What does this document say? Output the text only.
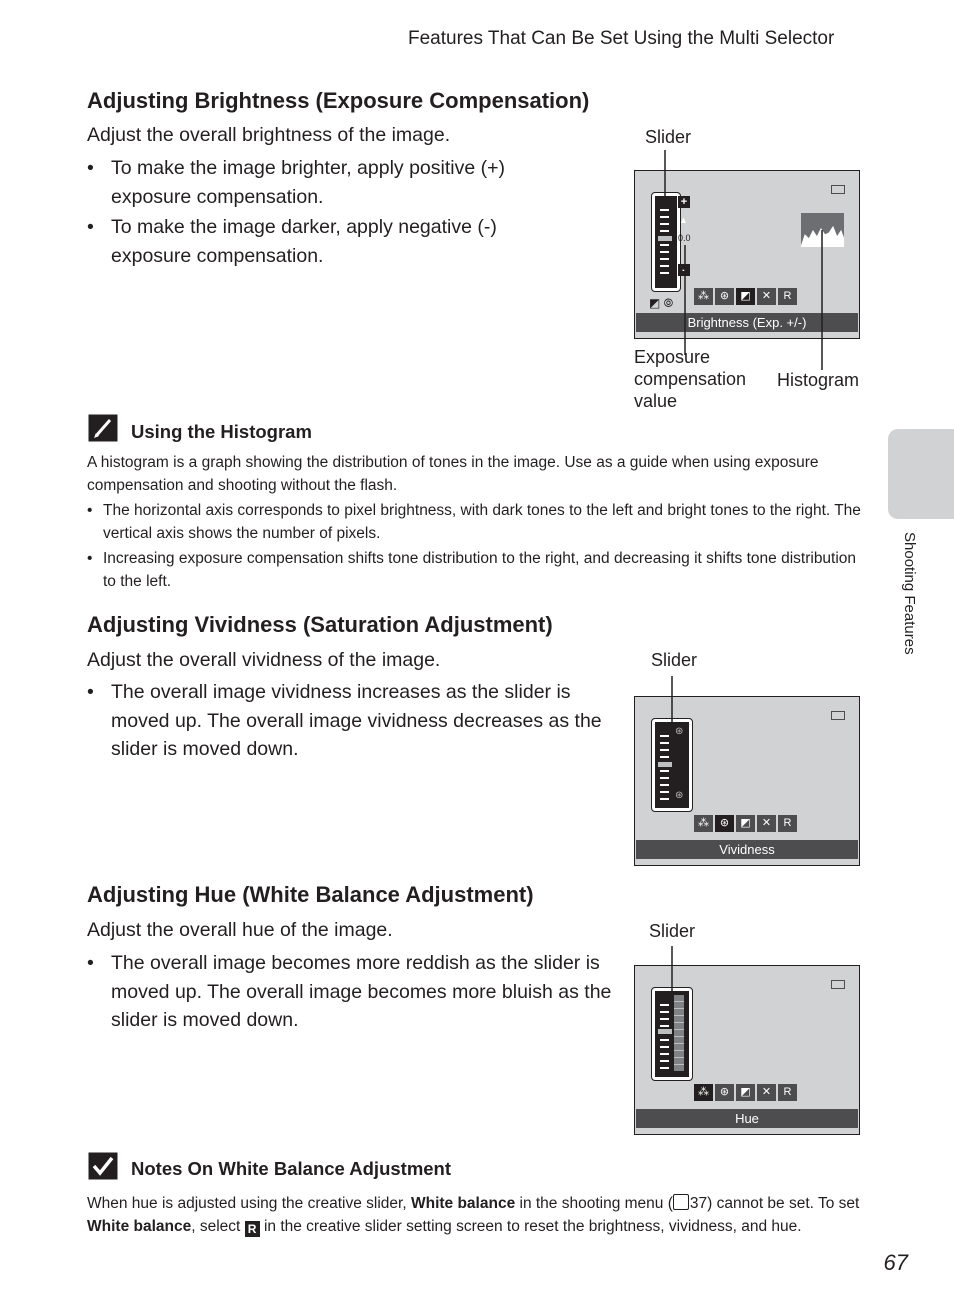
Features That Can Be Set Using the Multi Selector
Shooting Features
Adjusting Brightness (Exposure Compensation)
Adjust the overall brightness of the image.
• To make the image brighter, apply positive (+) exposure compensation.
• To make the image darker, apply negative (-) exposure compensation.
Slider
+
▲
0.0
-
◩ ⦾	⁂ ⊛	◩	✕	R
Brightness (Exp. +/-)
Exposure compensation value
Histogram
Using the Histogram
A histogram is a graph showing the distribution of tones in the image. Use as a guide when using exposure compensation and shooting without the flash.
• The horizontal axis corresponds to pixel brightness, with dark tones to the left and bright tones to the right. The vertical axis shows the number of pixels.
• Increasing exposure compensation shifts tone distribution to the right, and decreasing it shifts tone distribution to the left.
Adjusting Vividness (Saturation Adjustment)
Adjust the overall vividness of the image.
• The overall image vividness increases as the slider is moved up. The overall image vividness decreases as the slider is moved down.
Slider
⊛
⊛
⁂ ⊛	◩	✕	R
Vividness
Adjusting Hue (White Balance Adjustment)
Adjust the overall hue of the image.
• The overall image becomes more reddish as the slider is moved up. The overall image becomes more bluish as the slider is moved down.
Slider
⁂ ⊛	◩	✕	R
Hue
Notes On White Balance Adjustment
When hue is adjusted using the creative slider, White balance in the shooting menu ( 37) cannot be set. To set White balance, select R in the creative slider setting screen to reset the brightness, vividness, and hue.
67
